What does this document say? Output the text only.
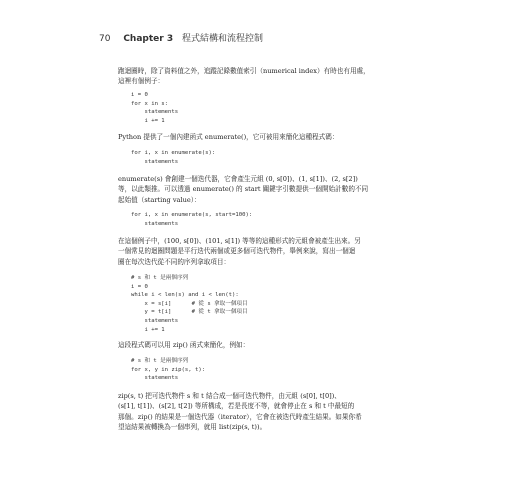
70 Chapter 3 程式結構和流程控制

跑迴圈時，除了資料值之外，追蹤記錄數值索引（numerical index）有時也有用處，
這裡有個例子：

i = 0
for x in s:
statements
i += 1

Python 提供了一個內建函式 enumerate()，它可被用來簡化這種程式碼：

for i, x in enumerate(s):
statements

enumerate(s) 會創建一個迭代器，它會產生元組 (0, s[0])、(1, s[1])、(2, s[2])
等，以此類推。可以透過 enumerate() 的 start 關鍵字引數提供一個開始計數的不同
起始值（starting value）：

for i, x in enumerate(s, start=100):
statements

在這個例子中，(100, s[0])、(101, s[1]) 等等的這種形式的元組會被產生出來。另
一個常見的迴圈問題是平行迭代兩個或更多個可迭代物件，舉例來說，寫出一個迴
圈在每次迭代從不同的序列拿取項目：

# s 和 t 是兩個序列
i = 0
while i < len(s) and i < len(t):
x = s[i]      # 從 s 拿取一個項目
y = t[i]      # 從 t 拿取一個項目
statements
i += 1

這段程式碼可以用 zip() 函式來簡化，例如：

# s 和 t 是兩個序列
for x, y in zip(s, t):
statements

zip(s, t) 把可迭代物件 s 和 t 結合成一個可迭代物件，由元組 (s[0], t[0])、
(s[1], t[1])、(s[2], t[2]) 等所構成，若是長度不等，就會停止在 s 和 t 中最短的
那個。zip() 的結果是一個迭代器（iterator），它會在被迭代時產生結果。如果你希
望這結果被轉換為一個串列，就用 list(zip(s, t))。
